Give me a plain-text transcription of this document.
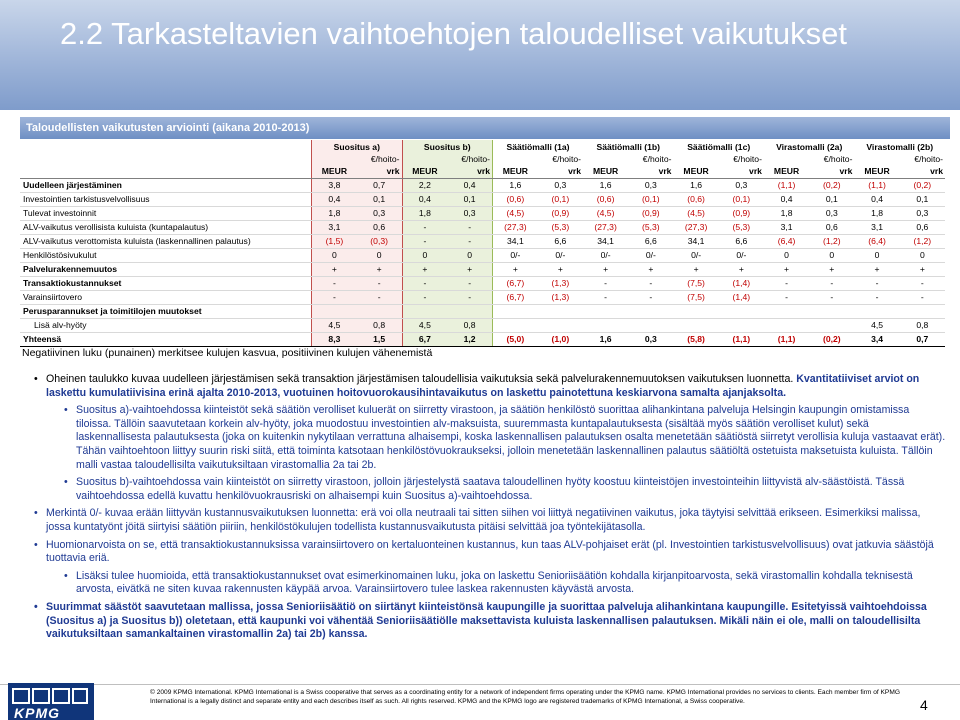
2.2 Tarkasteltavien vaihtoehtojen taloudelliset vaikutukset
Taloudellisten vaikutusten arviointi (aikana 2010-2013)
	Suositus a)		Suositus b)		Säätiömalli (1a)		Säätiömalli (1b)		Säätiömalli (1c)		Virastomalli (2a)		Virastomalli (2b)	
		€/hoito-		€/hoito-		€/hoito-		€/hoito-		€/hoito-		€/hoito-		€/hoito-
	MEUR	vrk	MEUR	vrk	MEUR	vrk	MEUR	vrk	MEUR	vrk	MEUR	vrk	MEUR	vrk
Uudelleen järjestäminen	3,8	0,7	2,2	0,4	1,6	0,3	1,6	0,3	1,6	0,3	(1,1)	(0,2)	(1,1)	(0,2)
Investointien tarkistusvelvollisuus	0,4	0,1	0,4	0,1	(0,6)	(0,1)	(0,6)	(0,1)	(0,6)	(0,1)	0,4	0,1	0,4	0,1
Tulevat investoinnit	1,8	0,3	1,8	0,3	(4,5)	(0,9)	(4,5)	(0,9)	(4,5)	(0,9)	1,8	0,3	1,8	0,3
ALV-vaikutus verollisista kuluista (kuntapalautus)	3,1	0,6	-	-	(27,3)	(5,3)	(27,3)	(5,3)	(27,3)	(5,3)	3,1	0,6	3,1	0,6
ALV-vaikutus verottomista kuluista (laskennallinen palautus)	(1,5)	(0,3)	-	-	34,1	6,6	34,1	6,6	34,1	6,6	(6,4)	(1,2)	(6,4)	(1,2)
Henkilöstösivukulut	0	0	0	0	0/-	0/-	0/-	0/-	0/-	0/-	0	0	0	0
Palvelurakennemuutos	+	+	+	+	+	+	+	+	+	+	+	+	+	+
Transaktiokustannukset	-	-	-	-	(6,7)	(1,3)	-	-	(7,5)	(1,4)	-	-	-	-
Varainsiirtovero	-	-	-	-	(6,7)	(1,3)	-	-	(7,5)	(1,4)	-	-	-	-
Perusparannukset ja toimitilojen muutokset														
Lisä alv-hyöty	4,5	0,8	4,5	0,8									4,5	0,8
Yhteensä	8,3	1,5	6,7	1,2	(5,0)	(1,0)	1,6	0,3	(5,8)	(1,1)	(1,1)	(0,2)	3,4	0,7
Negatiivinen luku (punainen) merkitsee kulujen kasvua, positiivinen kulujen vähenemistä

• Oheinen taulukko kuvaa uudelleen järjestämisen sekä transaktion järjestämisen taloudellisia vaikutuksia sekä palvelurakennemuutoksen vaikutuksen luonnetta. Kvantitatiiviset arviot on laskettu kumulatiivisina erinä ajalta 2010-2013, vuotuinen hoitovuorokausihintavaikutus on laskettu painotettuna keskiarvona samalta ajanjaksolta.

• Suositus a)-vaihtoehdossa kiinteistöt sekä säätiön verolliset kuluerät on siirretty virastoon, ja säätiön henkilöstö suorittaa alihankintana palveluja Helsingin kaupungin omistamissa tiloissa. Tällöin saavutetaan korkein alv-hyöty, joka muodostuu investointien alv-maksuista, suuremmasta kuntapalautuksesta (sisältää myös säätiön verolliset kulut) sekä laskennallisesta palautuksesta (joka on kuitenkin nykytilaan verrattuna alhaisempi, koska laskennallisen palautuksen osalta menetetään säätiöstä siirretyt verollisia kuluja vastaavat erät). Tähän vaihtoehtoon liittyy suurin riski siitä, että toiminta katsotaan henkilöstövuokraukseksi, jolloin menetetään laskennallinen palautus säätiöltä ostetuista maksetuista kuluista. Tällöin malli vastaa taloudellisilta vaikutuksiltaan virastomallia 2a tai 2b.

• Suositus b)-vaihtoehdossa vain kiinteistöt on siirretty virastoon, jolloin järjestelystä saatava taloudellinen hyöty koostuu kiinteistöjen investointeihin liittyvistä alv-säästöistä. Tässä vaihtoehdossa edellä kuvattu henkilövuokrausriski on alhaisempi kuin Suositus a)-vaihtoehdossa.

• Merkintä 0/- kuvaa erään liittyvän kustannusvaikutuksen luonnetta: erä voi olla neutraali tai sitten siihen voi liittyä negatiivinen vaikutus, joka täytyisi selvittää erikseen. Esimerkiksi malissa, jossa kuntatyönt jöitä siirtyisi säätiön piiriin, henkilöstökulujen todellista kustannusvaikutusta pitäisi selvittää joa työntekijätasolla.

• Huomionarvoista on se, että transaktiokustannuksissa varainsiirtovero on kertaluonteinen kustannus, kun taas ALV-pohjaiset erät (pl. Investointien tarkistusvelvollisuus) ovat jatkuvia säästöjä tuottavia eriä.

• Lisäksi tulee huomioida, että transaktiokustannukset ovat esimerkinomainen luku, joka on laskettu Senioriisäätiön kohdalla kirjanpitoarvosta, sekä virastomallin kohdalla teknisestä arvosta, eivätkä ne siten kuvaa rakennusten käypää arvoa. Varainsiirtovero tulee laskea rakennusten käyvästä arvosta.

• Suurimmat säästöt saavutetaan mallissa, jossa Senioriisäätiö on siirtänyt kiinteistönsä kaupungille ja suorittaa palveluja alihankintana kaupungille. Esitetyissä vaihtoehdoissa (Suositus a) ja Suositus b)) oletetaan, että kaupunki voi vähentää Senioriisäätiölle maksettavista kuluista laskennallisen palautuksen. Mikäli näin ei ole, malli on taloudellisilta vaikutuksiltaan samankaltainen virastomallin 2a) tai 2b) kanssa.

KPMG
© 2009 KPMG International. KPMG International is a Swiss cooperative that serves as a coordinating entity for a network of independent firms operating under the KPMG name. KPMG International provides no services to clients. Each member firm of KPMG International is a legally distinct and separate entity and each describes itself as such. All rights reserved. KPMG and the KPMG logo are registered trademarks of KPMG International, a Swiss cooperative.	4
